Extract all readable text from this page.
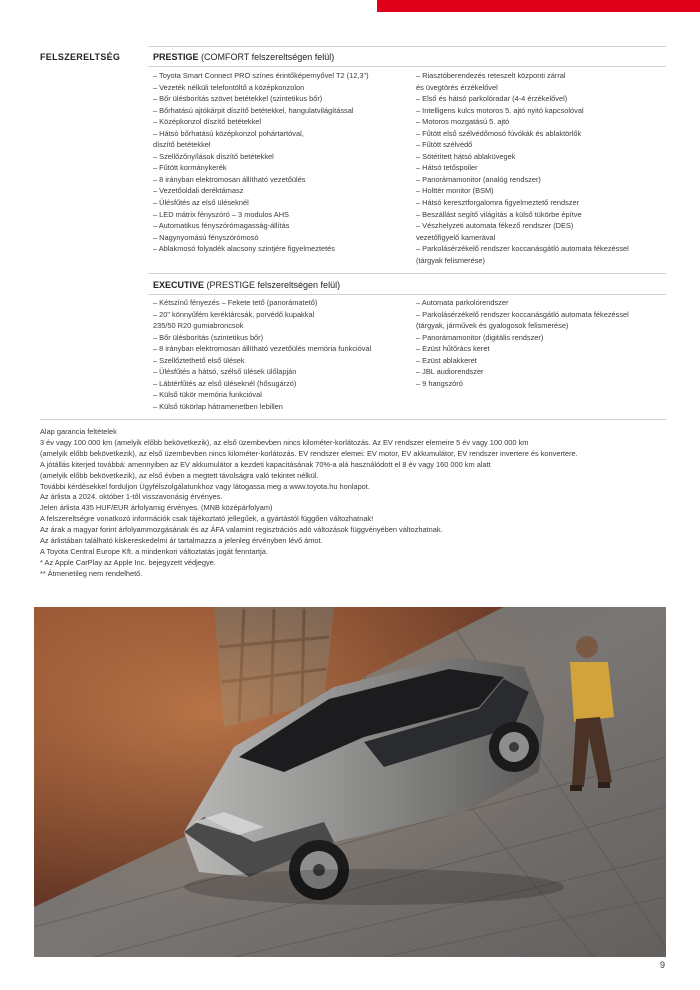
FELSZERELTSÉG	PRESTIGE (COMFORT felszereltségen felül)
– Toyota Smart Connect PRO színes érintőképernyővel T2 (12,3")
– Vezeték nélküli telefontöltő a középkonzolon
– Bőr ülésborítás szövet betétekkel (szintetikus bőr)
– Bőrhatású ajtókárpit díszítő betétekkel, hangulatvilágítással
– Középkonzol díszítő betétekkel
– Hátsó bőrhatású középkonzol pohártartóval,
díszítő betétekkel
– Szellőzőnyílások díszítő betétekkel
– Fűtött kormánykerék
– 8 irányban elektromosan állítható vezetőülés
– Vezetőoldali deréktámasz
– Ülésfűtés az első üléseknél
– LED mátrix fényszóró – 3 modulos AHS
– Automatikus fényszórómagasság-állítás
– Nagynyomású fényszórómosó
– Ablakmosó folyadék alacsony szintjére figyelmeztetés
– Riasztóberendezés reteszelt központi zárral
és üvegtörés érzékelővel
– Első és hátsó parkolóradar (4-4 érzékelővel)
– Intelligens kulcs motoros 5. ajtó nyitó kapcsolóval
– Motoros mozgatású 5. ajtó
– Fűtött első szélvédőmosó fúvókák és ablaktörlők
– Fűtött szélvédő
– Sötétített hátsó ablaküvegek
– Hátsó tetőspoiler
– Panorámamonitor (analóg rendszer)
– Holttér monitor (BSM)
– Hátsó keresztforgalomra figyelmeztető rendszer
– Beszállást segítő világítás a külső tükörbe építve
– Vészhelyzeti automata fékező rendszer (DES)
vezetőfigyelő kamerával
– Parkolásérzékelő rendszer koccanásgátló automata fékezéssel
(tárgyak felismerése)
EXECUTIVE (PRESTIGE felszereltségen felül)
– Kétszínű fényezés – Fekete tető (panorámatető)
– 20" könnyűfém keréktárcsák, porvédő kupakkal
235/50 R20 gumiabroncsok
– Bőr ülésborítás (szintetikus bőr)
– 8 irányban elektromosan állítható vezetőülés memória funkcióval
– Szellőztethető első ülések
– Ülésfűtés a hátsó, szélső ülések ülőlapján
– Lábtérfűtés az első üléseknél (hősugárzó)
– Külső tükör memória funkcióval
– Külső tükörlap hátramenetben lebillen
– Automata parkolórendszer
– Parkolásérzékelő rendszer koccanásgátló automata fékezéssel
(tárgyak, járművek és gyalogosok felismerése)
– Panorámamonitor (digitális rendszer)
– Ezüst hűtőrács keret
– Ezüst ablakkeret
– JBL audiorendszer
– 9 hangszóró
Alap garancia feltételek
3 év vagy 100 000 km (amelyik előbb bekövetkezik), az első üzembevben nincs kilométer-korlátozás. Az EV rendszer elemeire 5 év vagy 100 000 km
(amelyik előbb bekövetkezik), az első üzembevben nincs kilométer-korlátozás. EV rendszer elemei: EV motor, EV akkumulátor, EV rendszer invertere és konvertere.
A jótállás kiterjed továbbá: amennyiben az EV akkumulátor a kezdeti kapacitásának 70%-a alá használódott el 8 év vagy 160 000 km alatt
(amelyik előbb bekövetkezik), az első évben a megtett távolságra való tekintet nélkül.
További kérdésekkel forduljon Ügyfélszolgálatunkhoz vagy látogassa meg a www.toyota.hu honlapot.
Az árlista a 2024. október 1-től visszavonásig érvényes.
Jelen árlista 435 HUF/EUR árfolyamig érvényes. (MNB középárfolyam)
A felszereltségre vonatkozó információk csak tájékoztató jellegűek, a gyártástól függően változhatnak!
Az árak a magyar forint árfolyammozgásának és az ÁFA valamint regisztrációs adó változások függvényében változhatnak.
Az árlistában található kiskereskedelmi ár tartalmazza a jelenleg érvényben lévő ámot.
A Toyota Central Europe Kft. a mindenkori változtatás jogát fenntartja.
* Az Apple CarPlay az Apple Inc. bejegyzett védjegye.
** Átmenetileg nem rendelhető.
9
